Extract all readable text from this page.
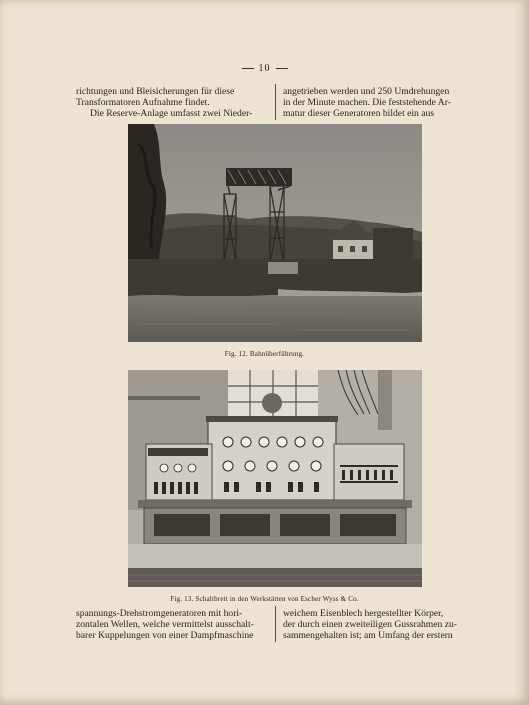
10

richtungen und Bleisicherungen für diese

Transformatoren Aufnahme findet.

Die Reserve-Anlage umfasst zwei Nieder-

angetrieben werden und 250 Umdrehungen

in der Minute machen. Die feststehende Ar-

matur dieser Generatoren bildet ein aus

Fig. 12. Bahnüberführung.
Fig. 13. Schaltbrett in den Werkstätten von Escher Wyss & Co.

spannungs-Drehstromgeneratoren mit hori-

zontalen Wellen, welche vermittelst ausschalt-

barer Kuppelungen von einer Dampfmaschine

weichem Eisenblech hergestellter Körper,

der durch einen zweiteiligen Gussrahmen zu-

sammengehalten ist; am Umfang der erstern
